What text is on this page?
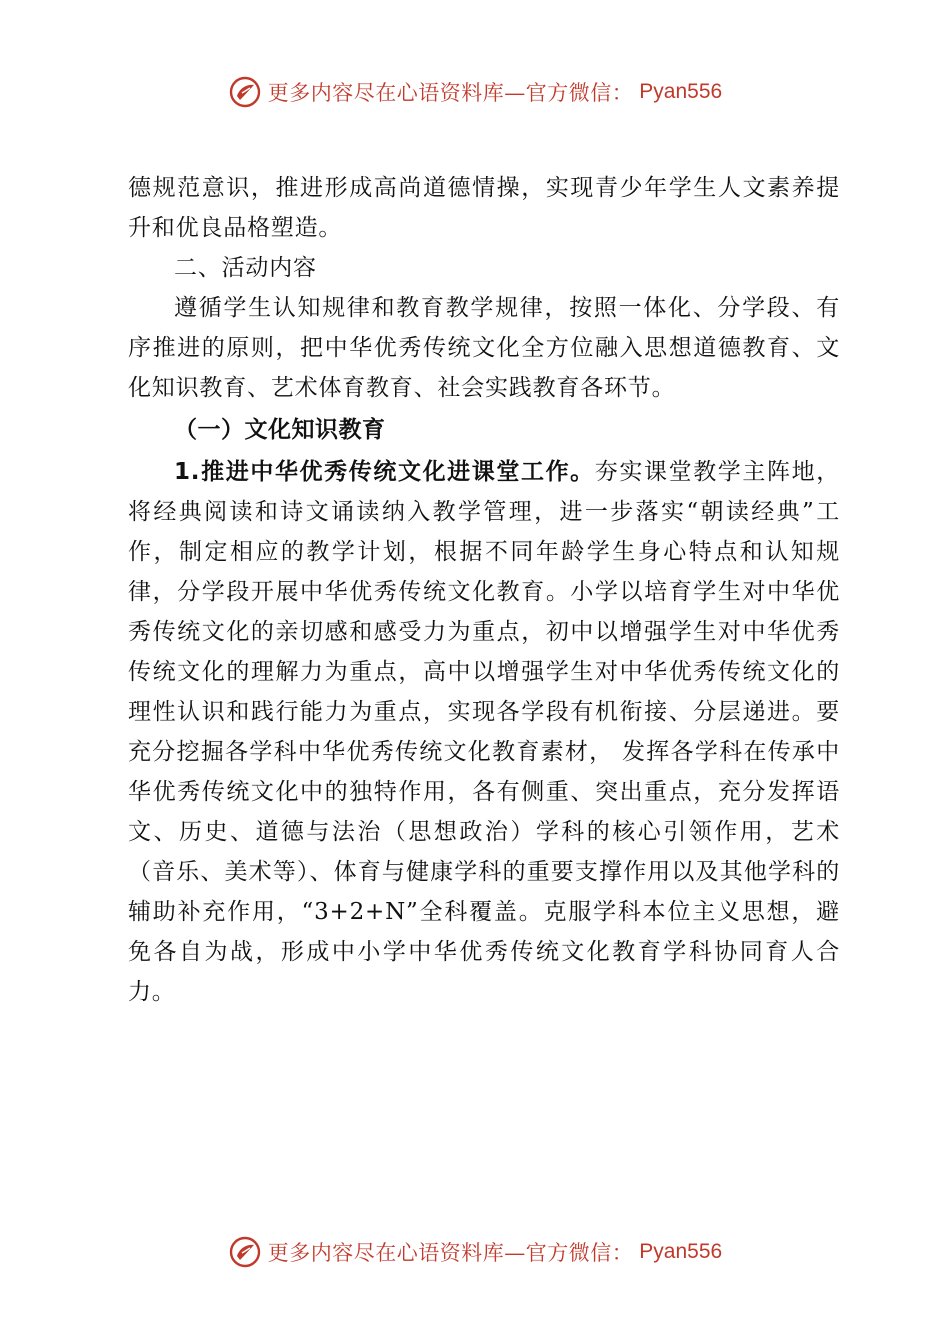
更多内容尽在心语资料库—官方微信： Pyan556

德规范意识，推进形成高尚道德情操，实现青少年学生人文素养提升和优良品格塑造。

二、活动内容

遵循学生认知规律和教育教学规律，按照一体化、分学段、有序推进的原则，把中华优秀传统文化全方位融入思想道德教育、文化知识教育、艺术体育教育、社会实践教育各环节。

（一）文化知识教育

1.推进中华优秀传统文化进课堂工作。夯实课堂教学主阵地，将经典阅读和诗文诵读纳入教学管理，进一步落实“朝读经典”工作，制定相应的教学计划，根据不同年龄学生身心特点和认知规律，分学段开展中华优秀传统文化教育。小学以培育学生对中华优秀传统文化的亲切感和感受力为重点，初中以增强学生对中华优秀传统文化的理解力为重点，高中以增强学生对中华优秀传统文化的理性认识和践行能力为重点，实现各学段有机衔接、分层递进。要充分挖掘各学科中华优秀传统文化教育素材， 发挥各学科在传承中华优秀传统文化中的独特作用，各有侧重、突出重点，充分发挥语文、历史、道德与法治（思想政治）学科的核心引领作用，艺术（音乐、美术等）、体育与健康学科的重要支撑作用以及其他学科的辅助补充作用，“3+2+N”全科覆盖。克服学科本位主义思想，避免各自为战，形成中小学中华优秀传统文化教育学科协同育人合力。

更多内容尽在心语资料库—官方微信： Pyan556
